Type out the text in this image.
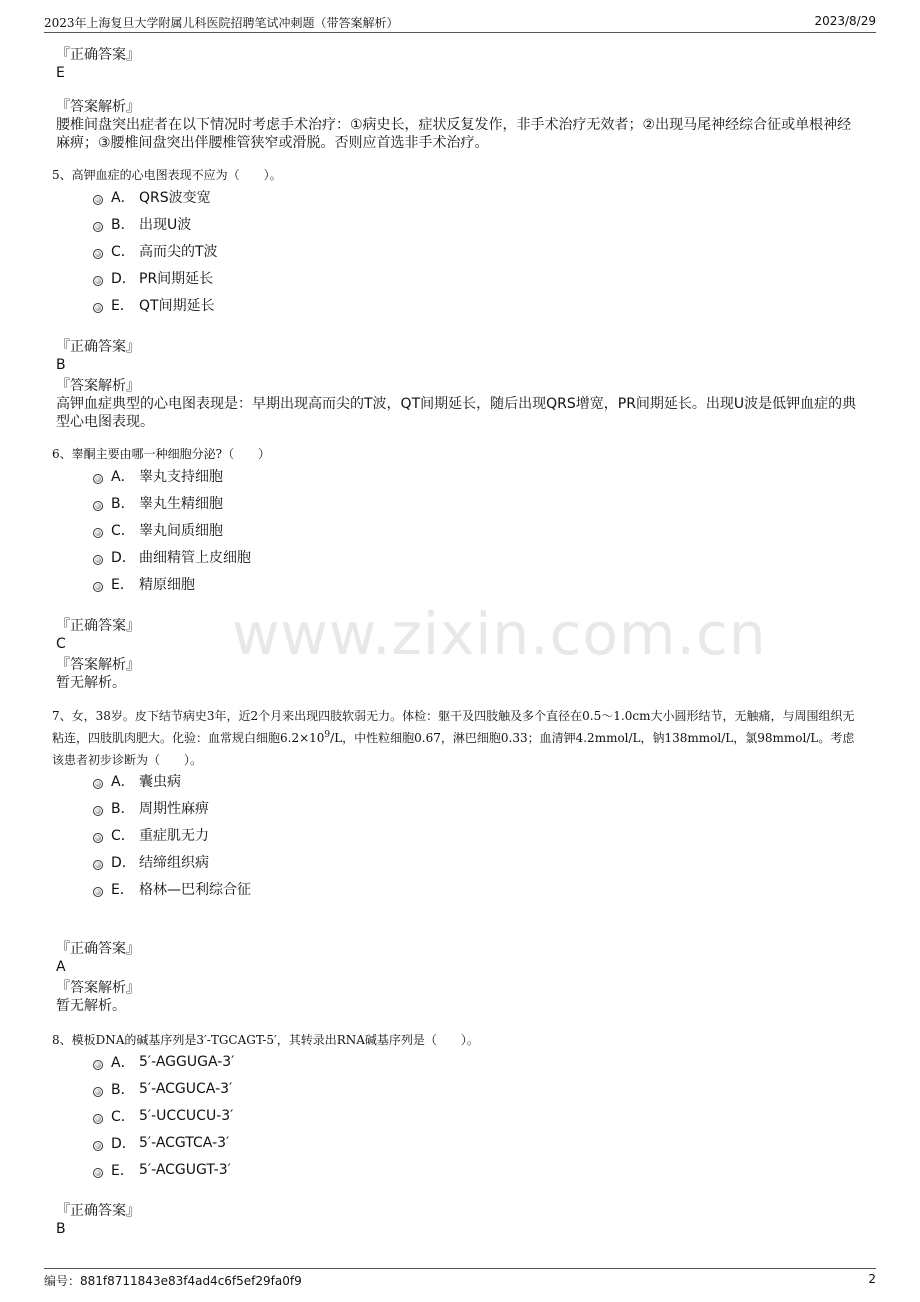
2023年上海复旦大学附属儿科医院招聘笔试冲刺题（带答案解析）	2023/8/29
www.zixin.com.cn
『正确答案』
E
『答案解析』
腰椎间盘突出症者在以下情况时考虑手术治疗：①病史长，症状反复发作，非手术治疗无效者；②出现马尾神经综合征或单根神经麻痹；③腰椎间盘突出伴腰椎管狭窄或滑脱。否则应首选非手术治疗。
5、高钾血症的心电图表现不应为（　　）。
A． QRS波变宽
B． 出现U波
C． 高而尖的T波
D． PR间期延长
E． QT间期延长
『正确答案』
B
『答案解析』
高钾血症典型的心电图表现是：早期出现高而尖的T波，QT间期延长，随后出现QRS增宽，PR间期延长。出现U波是低钾血症的典型心电图表现。
6、睾酮主要由哪一种细胞分泌?（　　）
A． 睾丸支持细胞
B． 睾丸生精细胞
C． 睾丸间质细胞
D． 曲细精管上皮细胞
E． 精原细胞
『正确答案』
C
『答案解析』
暂无解析。
7、女，38岁。皮下结节病史3年，近2个月来出现四肢软弱无力。体检：躯干及四肢触及多个直径在0.5～1.0cm大小圆形结节，无触痛，与周围组织无粘连，四肢肌肉肥大。化验：血常规白细胞$6.2\times 10^9/L$，中性粒细胞0.67，淋巴细胞0.33；血清钾4.2mmol/L，钠138mmol/L，氯98mmol/L。考虑该患者初步诊断为（　　）。
A． 囊虫病
B． 周期性麻痹
C． 重症肌无力
D． 结缔组织病
E． 格林—巴利综合征
『正确答案』
A
『答案解析』
暂无解析。
8、模板DNA的碱基序列是3′-TGCAGT-5′，其转录出RNA碱基序列是（　　）。
A． 5′-AGGUGA-3′
B． 5′-ACGUCA-3′
C． 5′-UCCUCU-3′
D． 5′-ACGTCA-3′
E． 5′-ACGUGT-3′
『正确答案』
B
编号：881f8711843e83f4ad4c6f5ef29fa0f9	2
